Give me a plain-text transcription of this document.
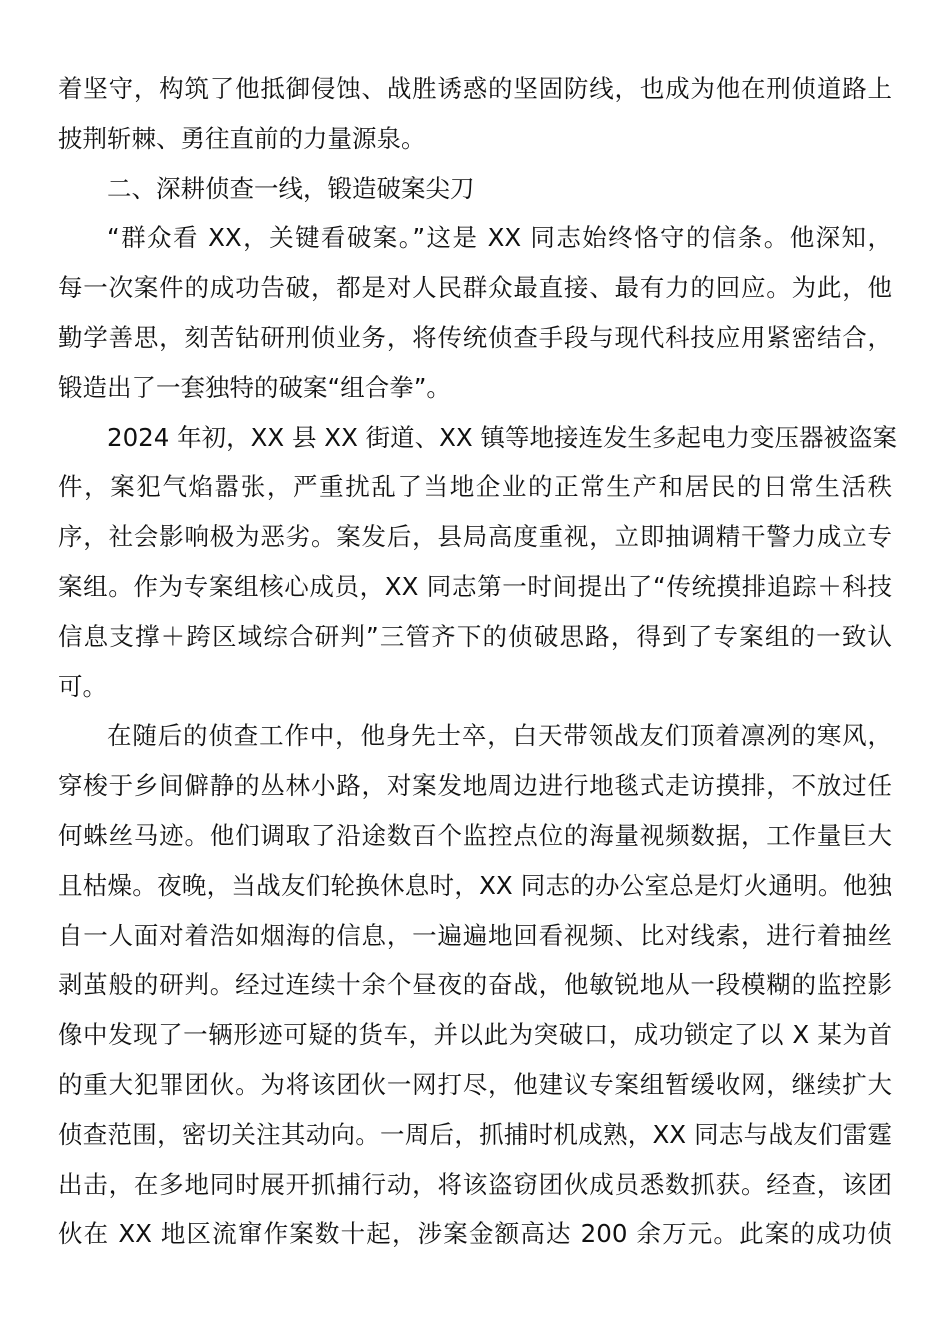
着坚守，构筑了他抵御侵蚀、战胜诱惑的坚固防线，也成为他在刑侦道路上
披荆斩棘、勇往直前的力量源泉。
二、深耕侦查一线，锻造破案尖刀
“群众看 XX，关键看破案。”这是 XX 同志始终恪守的信条。他深知，
每一次案件的成功告破，都是对人民群众最直接、最有力的回应。为此，他
勤学善思，刻苦钻研刑侦业务，将传统侦查手段与现代科技应用紧密结合，
锻造出了一套独特的破案“组合拳”。
2024 年初，XX 县 XX 街道、XX 镇等地接连发生多起电力变压器被盗案
件，案犯气焰嚣张，严重扰乱了当地企业的正常生产和居民的日常生活秩
序，社会影响极为恶劣。案发后，县局高度重视，立即抽调精干警力成立专
案组。作为专案组核心成员，XX 同志第一时间提出了“传统摸排追踪＋科技
信息支撑＋跨区域综合研判”三管齐下的侦破思路，得到了专案组的一致认
可。
在随后的侦查工作中，他身先士卒，白天带领战友们顶着凛冽的寒风，
穿梭于乡间僻静的丛林小路，对案发地周边进行地毯式走访摸排，不放过任
何蛛丝马迹。他们调取了沿途数百个监控点位的海量视频数据，工作量巨大
且枯燥。夜晚，当战友们轮换休息时，XX 同志的办公室总是灯火通明。他独
自一人面对着浩如烟海的信息，一遍遍地回看视频、比对线索，进行着抽丝
剥茧般的研判。经过连续十余个昼夜的奋战，他敏锐地从一段模糊的监控影
像中发现了一辆形迹可疑的货车，并以此为突破口，成功锁定了以 X 某为首
的重大犯罪团伙。为将该团伙一网打尽，他建议专案组暂缓收网，继续扩大
侦查范围，密切关注其动向。一周后，抓捕时机成熟，XX 同志与战友们雷霆
出击，在多地同时展开抓捕行动，将该盗窃团伙成员悉数抓获。经查，该团
伙在 XX 地区流窜作案数十起，涉案金额高达 200 余万元。此案的成功侦
